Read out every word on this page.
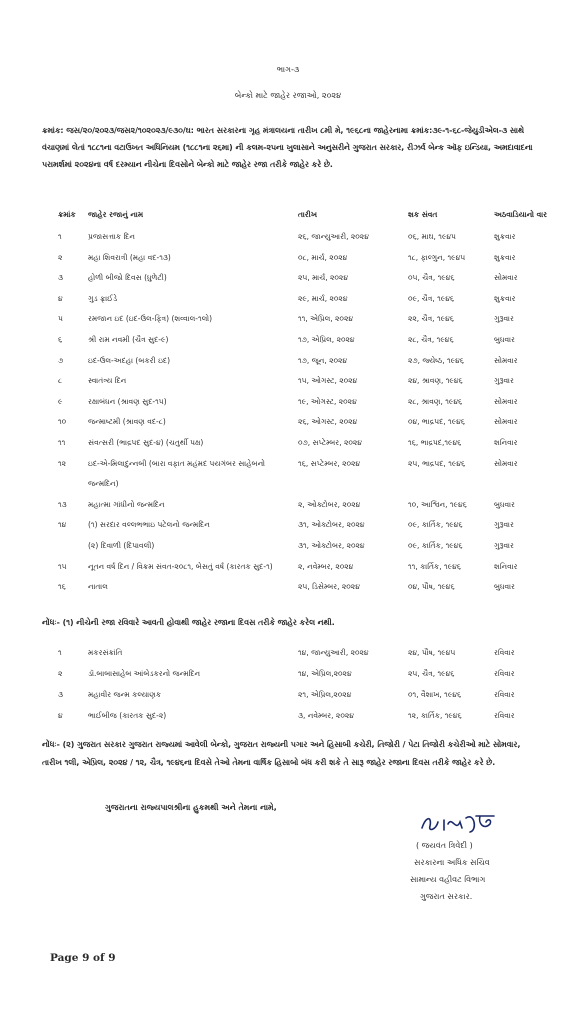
ભાગ-૩
બેન્કો માટે જાહેર રજાઓ, ૨૦૨૪
ક્રમાંક: જસ/૨૦/૨૦૨૩/જસ૨/૧૦૨૦૨૩/૯૩૦/ઘ: ભારત સરકારના ગૃહ મંત્રાલયના તારીખ ૮મી મે, ૧૯૬૮ના જાહેરનામા ક્રમાંક:૩૯-૧-૬૮-જેયુડીએલ-૩ સાથે વંચાણમાં લેતાં ૧૮૮૧ના વટાઉખત અધિનિયમ (૧૮૮૧ના ૨૬મા) ની કલમ-૨૫ના ખુલાસાને અનુસરીને ગુજરાત સરકાર, રીઝર્વ બેન્ક ઑફ ઇન્ડિયા, અમદાવાદના પરામર્શમાં ૨૦૨૪ના વર્ષ દરમ્યાન નીચેના દિવસોને બેન્કો માટે જાહેર રજા તરીકે જાહેર કરે છે.
ક્રમાંક	જાહેર રજાનું નામ	તારીખ	શક સંવત	અઠવાડિયાનો વાર
૧	પ્રજાસત્તાક દિન	૨૬, જાન્યુઆરી, ૨૦૨૪	૦૬, માઘ, ૧૯૪૫	શુક્રવાર
૨	મહા શિવરાત્રી (મહા વદ-૧૩)	૦૮, માર્ચ, ૨૦૨૪	૧૮, ફાલ્ગુન, ૧૯૪૫	શુક્રવાર
૩	હોળી બીજો દિવસ (ધુળેટી)	૨૫, માર્ચ, ૨૦૨૪	૦૫, ચૈત્ર, ૧૯૪૬	સોમવાર
૪	ગુડ ફ્રાઈડે	૨૯, માર્ચ, ૨૦૨૪	૦૯, ચૈત્ર, ૧૯૪૬	શુક્રવાર
૫	રમજાન ઇદ (ઇદ-ઉલ-ફિત્ર) (શવ્વાલ-૧લો)	૧૧, એપ્રિલ, ૨૦૨૪	૨૨, ચૈત્ર, ૧૯૪૬	ગુરૂવાર
૬	શ્રી રામ નવમી (ચૈત્ર સુદ-૯)	૧૭, એપ્રિલ, ૨૦૨૪	૨૮, ચૈત્ર, ૧૯૪૬	બુધવાર
૭	ઇદ-ઉલ-અદહા (બકરી ઇદ)	૧૭, જૂન, ૨૦૨૪	૨૭, જ્યેષ્ઠ, ૧૯૪૬	સોમવાર
૮	સ્વાતંત્ર્ય દિન	૧૫, ઓગસ્ટ, ૨૦૨૪	૨૪, શ્રાવણ, ૧૯૪૬	ગુરૂવાર
૯	રક્ષાબંધન (શ્રાવણ સુદ-૧૫)	૧૯, ઓગસ્ટ, ૨૦૨૪	૨૮, શ્રાવણ, ૧૯૪૬	સોમવાર
૧૦	જન્માષ્ટમી (શ્રાવણ વદ-૮)	૨૬, ઓગસ્ટ, ૨૦૨૪	૦૪, ભાદ્રપદ, ૧૯૪૬	સોમવાર
૧૧	સંવત્સરી (ભાદ્રપદ સુદ-૪) (ચતુર્થી પક્ષ)	૦૭, સપ્ટેમ્બર, ૨૦૨૪	૧૬, ભાદ્રપદ,૧૯૪૬	શનિવાર
૧૨	ઇદ-એ-મિલાદુન્નબી (બારા વફાત મહંમદ પયગંબર સાહેબનો	૧૬, સપ્ટેમ્બર, ૨૦૨૪	૨૫, ભાદ્રપદ, ૧૯૪૬	સોમવાર
જન્મદિન)
૧૩	મહાત્મા ગાંધીનો જન્મદિન	૨, ઓક્ટોબર, ૨૦૨૪	૧૦, આશ્વિન, ૧૯૪૬	બુધવાર
૧૪	(૧) સરદાર વલ્લભભાઇ પટેલનો જન્મદિન	૩૧, ઓક્ટોબર, ૨૦૨૪	૦૯, કાર્તિક, ૧૯૪૬	ગુરૂવાર
(૨) દિવાળી (દિપાવલી)	૩૧, ઓક્ટોબર, ૨૦૨૪	૦૯, કાર્તિક, ૧૯૪૬	ગુરૂવાર
૧૫	નૂતન વર્ષ દિન / વિક્રમ સંવત-૨૦૮૧, બેસતું વર્ષ (કારતક સુદ-૧)	૨, નવેમ્બર, ૨૦૨૪	૧૧, કાર્તિક, ૧૯૪૬	શનિવાર
૧૬	નાતાલ	૨૫, ડિસેમ્બર, ૨૦૨૪	૦૪, પૌષ, ૧૯૪૬	બુધવાર
નોંધઃ- (૧) નીચેની રજા રવિવારે આવતી હોવાથી જાહેર રજાના દિવસ તરીકે જાહેર કરેલ નથી.
૧	મકરસંક્રાંતિ	૧૪, જાન્યુઆરી, ૨૦૨૪	૨૪, પૌષ, ૧૯૪૫	રવિવાર
૨	ડૉ.બાબાસાહેબ આંબેડકરનો જન્મદિન	૧૪, એપ્રિલ,૨૦૨૪	૨૫, ચૈત્ર, ૧૯૪૬	રવિવાર
૩	મહાવીર જન્મ કલ્યાણક	૨૧, એપ્રિલ,૨૦૨૪	૦૧, વૈશાખ, ૧૯૪૬	રવિવાર
૪	ભાઈબીજ (કારતક સુદ-૨)	૩, નવેમ્બર, ૨૦૨૪	૧૨, કાર્તિક, ૧૯૪૬	રવિવાર
નોંધઃ- (૨) ગુજરાત સરકાર ગુજરાત રાજ્યમાં આવેલી બેન્કો, ગુજરાત રાજ્યની પગાર અને હિસાબી કચેરી, તિજોરી / પેટા તિજોરી કચેરીઓ માટે સોમવાર, તારીખ ૧લી, એપ્રિલ, ૨૦૨૪ / ૧૨, ચૈત્ર, ૧૯૪૬ના દિવસે તેઓ તેમના વાર્ષિક હિસાબો બંધ કરી શકે તે સારૂ જાહેર રજાના દિવસ તરીકે જાહેર કરે છે.
ગુજરાતના રાજ્યપાલશ્રીના હુકમથી અને તેમના નામે,
( જયવંત ત્રિવેદી )
સરકારના અધિક સચિવ
સામાન્ય વહીવટ વિભાગ
ગુજરાત સરકાર.
Page 9 of 9
